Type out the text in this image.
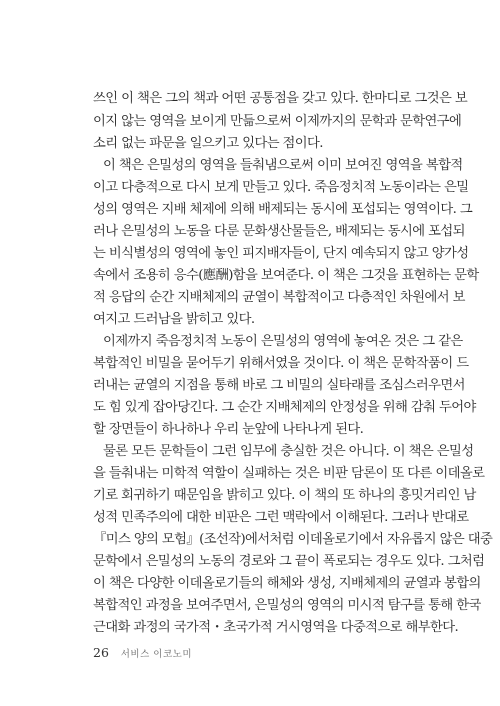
쓰인 이 책은 그의 책과 어떤 공통점을 갖고 있다. 한마디로 그것은 보
이지 않는 영역을 보이게 만듦으로써 이제까지의 문학과 문학연구에
소리 없는 파문을 일으키고 있다는 점이다.
이 책은 은밀성의 영역을 들춰냄으로써 이미 보여진 영역을 복합적
이고 다층적으로 다시 보게 만들고 있다. 죽음정치적 노동이라는 은밀
성의 영역은 지배 체제에 의해 배제되는 동시에 포섭되는 영역이다. 그
러나 은밀성의 노동을 다룬 문화생산물들은, 배제되는 동시에 포섭되
는 비식별성의 영역에 놓인 피지배자들이, 단지 예속되지 않고 양가성
속에서 조용히 응수(應酬)함을 보여준다. 이 책은 그것을 표현하는 문학
적 응답의 순간 지배체제의 균열이 복합적이고 다층적인 차원에서 보
여지고 드러남을 밝히고 있다.
이제까지 죽음정치적 노동이 은밀성의 영역에 놓여온 것은 그 같은
복합적인 비밀을 묻어두기 위해서였을 것이다. 이 책은 문학작품이 드
러내는 균열의 지점을 통해 바로 그 비밀의 실타래를 조심스러우면서
도 힘 있게 잡아당긴다. 그 순간 지배체제의 안정성을 위해 감춰 두어야
할 장면들이 하나하나 우리 눈앞에 나타나게 된다.
물론 모든 문학들이 그런 임무에 충실한 것은 아니다. 이 책은 은밀성
을 들춰내는 미학적 역할이 실패하는 것은 비판 담론이 또 다른 이데올로
기로 회귀하기 때문임을 밝히고 있다. 이 책의 또 하나의 흥밋거리인 남
성적 민족주의에 대한 비판은 그런 맥락에서 이해된다. 그러나 반대로
『미스 양의 모험』(조선작)에서처럼 이데올로기에서 자유롭지 않은 대중
문학에서 은밀성의 노동의 경로와 그 끝이 폭로되는 경우도 있다. 그처럼
이 책은 다양한 이데올로기들의 해체와 생성, 지배체제의 균열과 봉합의
복합적인 과정을 보여주면서, 은밀성의 영역의 미시적 탐구를 통해 한국
근대화 과정의 국가적・초국가적 거시영역을 다중적으로 해부한다.
26 서비스 이코노미
